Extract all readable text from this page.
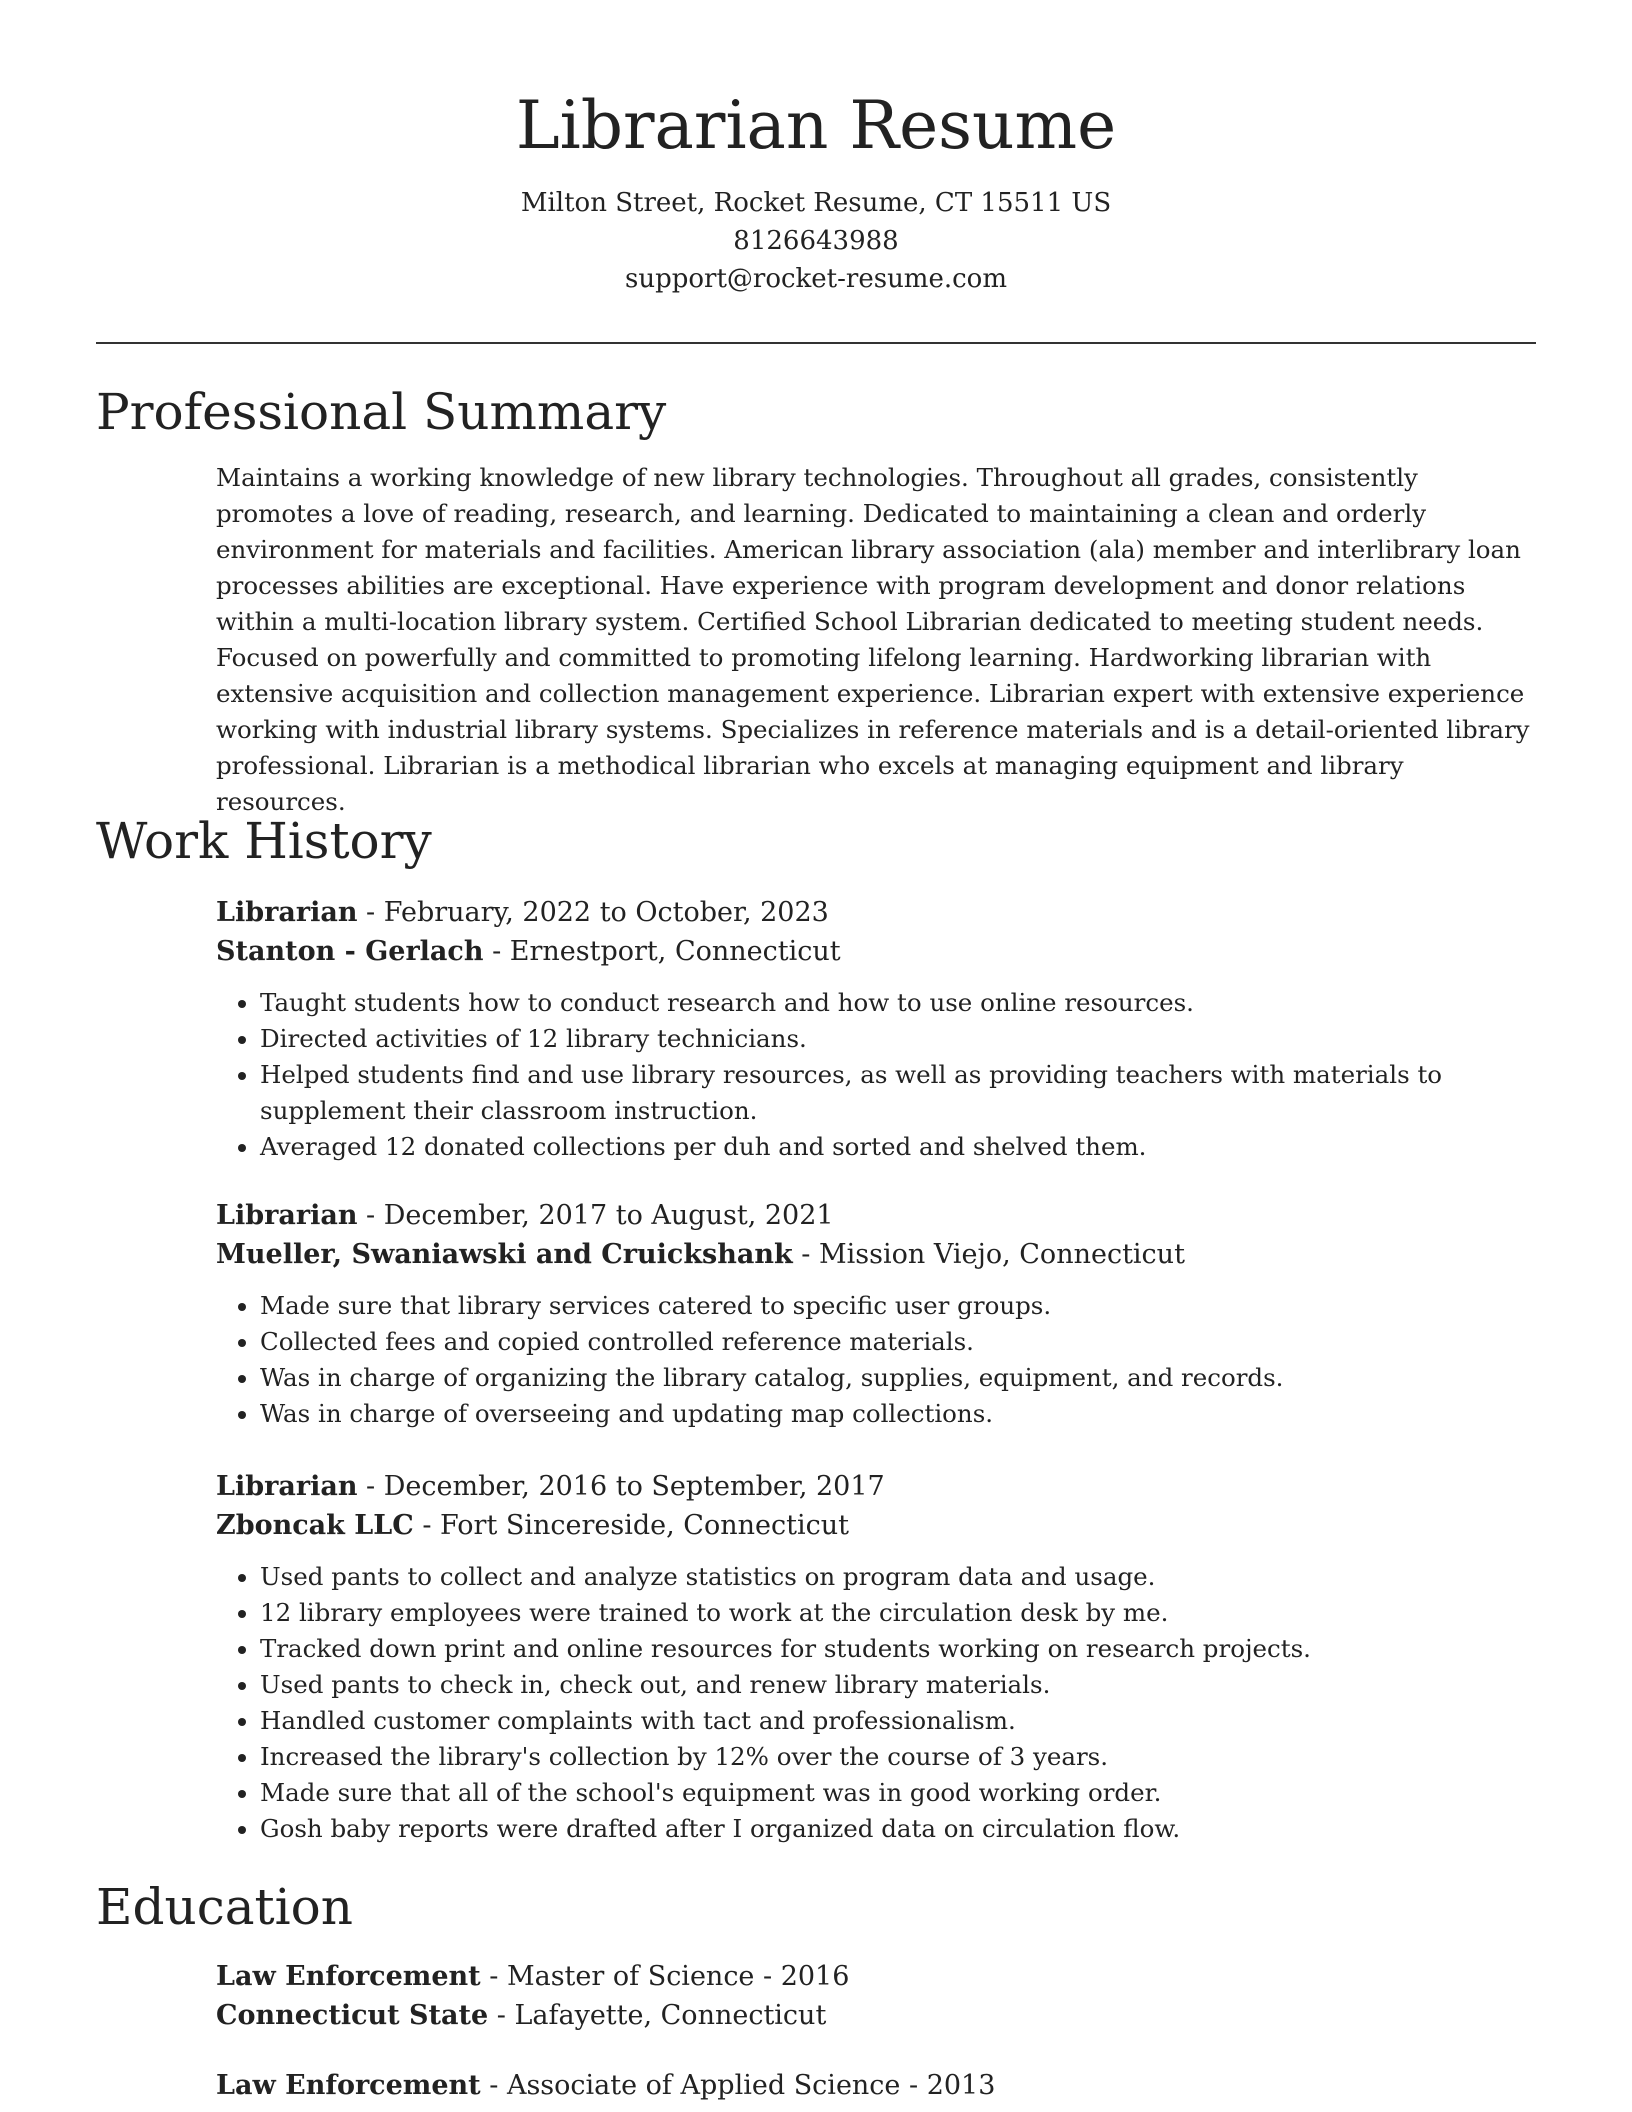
Librarian Resume
Milton Street, Rocket Resume, CT 15511 US
8126643988
support@rocket-resume.com
Professional Summary

Maintains a working knowledge of new library technologies. Throughout all grades, consistently promotes a love of reading, research, and learning. Dedicated to maintaining a clean and orderly environment for materials and facilities. American library association (ala) member and interlibrary loan processes abilities are exceptional. Have experience with program development and donor relations within a multi-location library system. Certified School Librarian dedicated to meeting student needs. Focused on powerfully and committed to promoting lifelong learning. Hardworking librarian with extensive acquisition and collection management experience. Librarian expert with extensive experience working with industrial library systems. Specializes in reference materials and is a detail-oriented library professional. Librarian is a methodical librarian who excels at managing equipment and library resources.

Work History
Librarian - February, 2022 to October, 2023
Stanton - Gerlach - Ernestport, Connecticut
• Taught students how to conduct research and how to use online resources.
• Directed activities of 12 library technicians.
• Helped students find and use library resources, as well as providing teachers with materials to supplement their classroom instruction.
• Averaged 12 donated collections per duh and sorted and shelved them.
Librarian - December, 2017 to August, 2021
Mueller, Swaniawski and Cruickshank - Mission Viejo, Connecticut
• Made sure that library services catered to specific user groups.
• Collected fees and copied controlled reference materials.
• Was in charge of organizing the library catalog, supplies, equipment, and records.
• Was in charge of overseeing and updating map collections.
Librarian - December, 2016 to September, 2017
Zboncak LLC - Fort Sincereside, Connecticut
• Used pants to collect and analyze statistics on program data and usage.
• 12 library employees were trained to work at the circulation desk by me.
• Tracked down print and online resources for students working on research projects.
• Used pants to check in, check out, and renew library materials.
• Handled customer complaints with tact and professionalism.
• Increased the library's collection by 12% over the course of 3 years.
• Made sure that all of the school's equipment was in good working order.
• Gosh baby reports were drafted after I organized data on circulation flow.
Education
Law Enforcement - Master of Science - 2016
Connecticut State - Lafayette, Connecticut
Law Enforcement - Associate of Applied Science - 2013
